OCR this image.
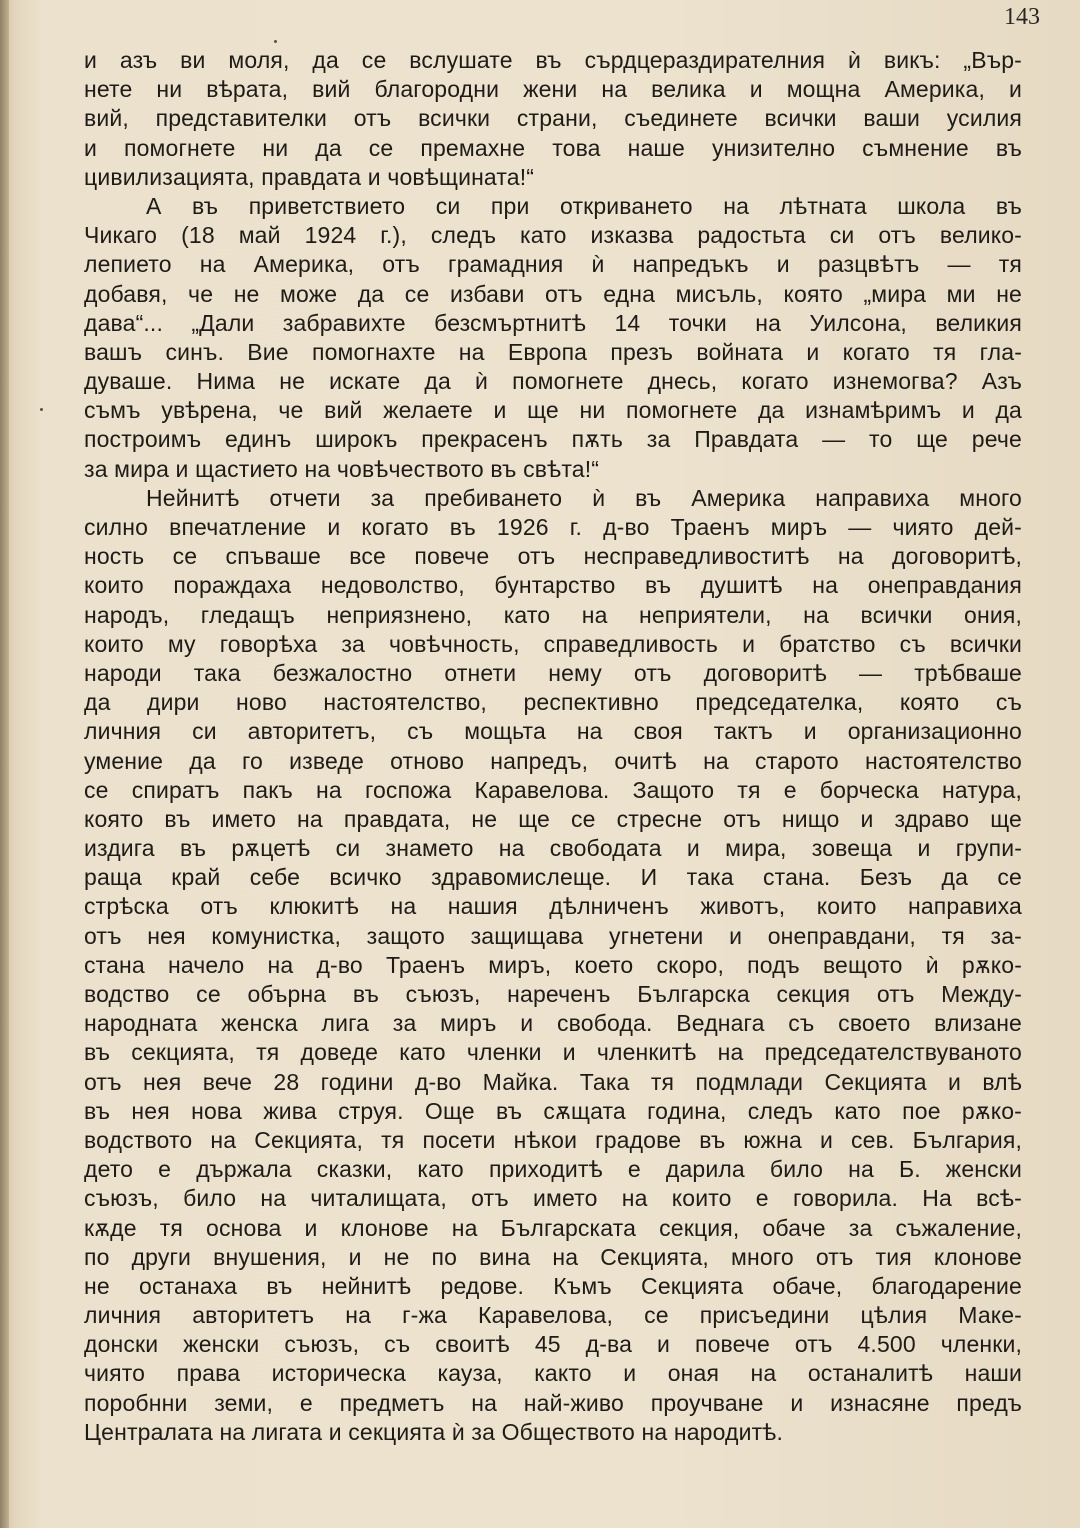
143
и азъ ви моля, да се вслушате въ сърдцераздирателния ѝ викъ: „Вър-
нете ни вѣрата, вий благородни жени на велика и мощна Америка, и
вий, представителки отъ всички страни, съединете всички ваши усилия
и помогнете ни да се премахне това наше унизително съмнение въ
цивилизацията, правдата и човѣщината!“
А въ приветствието си при откриването на лѣтната школа въ
Чикаго (18 май 1924 г.), следъ като изказва радостьта си отъ велико-
лепието на Америка, отъ грамадния ѝ напредъкъ и разцвѣтъ — тя
добавя, че не може да се избави отъ една мисъль, която „мира ми не
дава“... „Дали забравихте безсмъртнитѣ 14 точки на Уилсона, великия
вашъ синъ. Вие помогнахте на Европа презъ войната и когато тя гла-
дуваше. Нима не искате да ѝ помогнете днесь, когато изнемогва? Азъ
съмъ увѣрена, че вий желаете и ще ни помогнете да изнамѣримъ и да
построимъ единъ широкъ прекрасенъ пѫть за Правдата — то ще рече
за мира и щастието на човѣчеството въ свѣта!“
Нейнитѣ отчети за пребиването ѝ въ Америка направиха много
силно впечатление и когато въ 1926 г. д-во Траенъ миръ — чиято дей-
ность се спъваше все повече отъ несправедливоститѣ на договоритѣ,
които пораждаха недоволство, бунтарство въ душитѣ на онеправдания
народъ, гледащъ неприязнено, като на неприятели, на всички ония,
които му говорѣха за човѣчность, справедливость и братство съ всички
народи така безжалостно отнети нему отъ договоритѣ — трѣбваше
да дири ново настоятелство, респективно председателка, която съ
личния си авторитетъ, съ мощьта на своя тактъ и организационно
умение да го изведе отново напредъ, очитѣ на старото настоятелство
се спиратъ пакъ на госпожа Каравелова. Защото тя е борческа натура,
която въ името на правдата, не ще се стресне отъ нищо и здраво ще
издига въ рѫцетѣ си знамето на свободата и мира, зовеща и групи-
раща край себе всичко здравомислеще. И така стана. Безъ да се
стрѣска отъ клюкитѣ на нашия дѣлниченъ животъ, които направиха
отъ нея комунистка, защото защищава угнетени и онеправдани, тя за-
стана начело на д-во Траенъ миръ, което скоро, подъ вещото ѝ рѫко-
водство се обърна въ съюзъ, нареченъ Българска секция отъ Между-
народната женска лига за миръ и свобода. Веднага съ своето влизане
въ секцията, тя доведе като членки и членкитѣ на председателствуваното
отъ нея вече 28 години д-во Майка. Така тя подмлади Секцията и влѣ
въ нея нова жива струя. Още въ сѫщата година, следъ като пое рѫко-
водството на Секцията, тя посети нѣкои градове въ южна и сев. България,
дето е държала сказки, като приходитѣ е дарила било на Б. женски
съюзъ, било на читалищата, отъ името на които е говорила. На всѣ-
кѫде тя основа и клонове на Българската секция, обаче за съжаление,
по други внушения, и не по вина на Секцията, много отъ тия клонове
не останаха въ нейнитѣ редове. Къмъ Секцията обаче, благодарение
личния авторитетъ на г-жа Каравелова, се присъедини цѣлия Маке-
донски женски съюзъ, съ своитѣ 45 д-ва и повече отъ 4.500 членки,
чиято права историческа кауза, както и оная на останалитѣ наши
поробнни земи, е предметъ на най-живо проучване и изнасяне предъ
Централата на лигата и секцията ѝ за Обществото на народитѣ.
